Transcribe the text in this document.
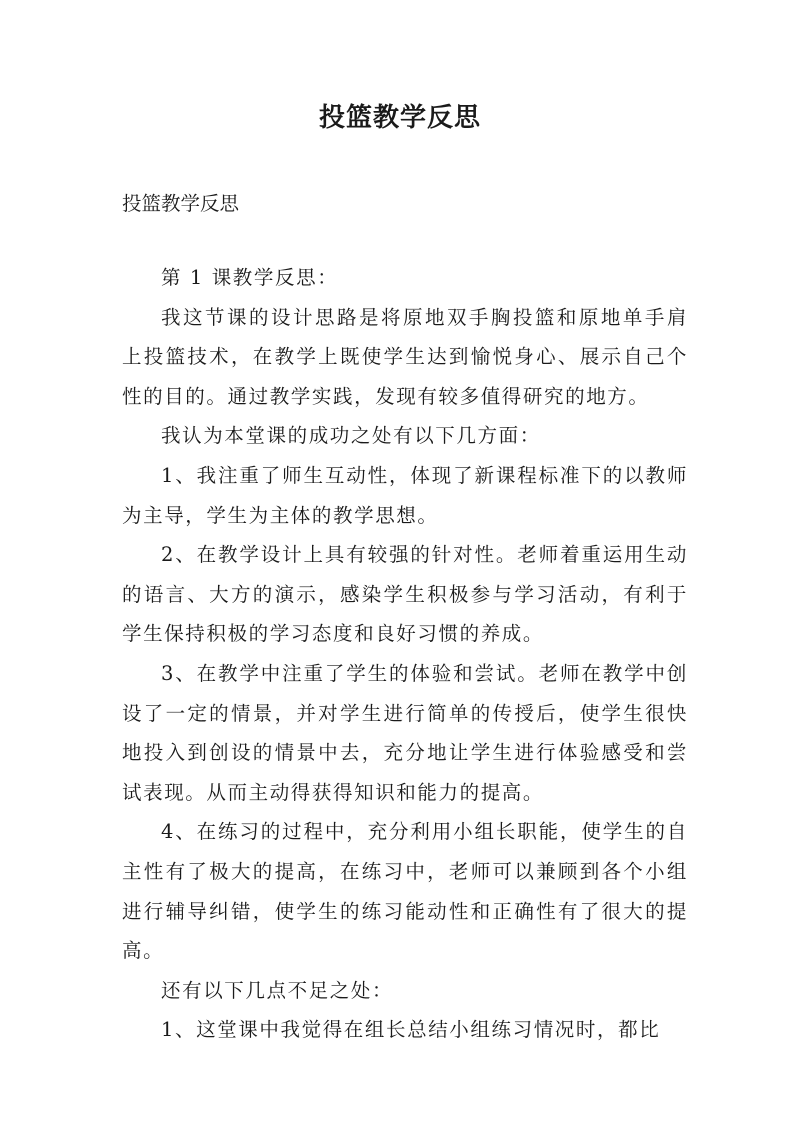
投篮教学反思

投篮教学反思

第 1 课教学反思：

我这节课的设计思路是将原地双手胸投篮和原地单手肩上投篮技术，在教学上既使学生达到愉悦身心、展示自己个性的目的。通过教学实践，发现有较多值得研究的地方。

我认为本堂课的成功之处有以下几方面：

1、我注重了师生互动性，体现了新课程标准下的以教师为主导，学生为主体的教学思想。

2、在教学设计上具有较强的针对性。老师着重运用生动的语言、大方的演示，感染学生积极参与学习活动，有利于学生保持积极的学习态度和良好习惯的养成。

3、在教学中注重了学生的体验和尝试。老师在教学中创设了一定的情景，并对学生进行简单的传授后，使学生很快地投入到创设的情景中去，充分地让学生进行体验感受和尝试表现。从而主动得获得知识和能力的提高。

4、在练习的过程中，充分利用小组长职能，使学生的自主性有了极大的提高，在练习中，老师可以兼顾到各个小组进行辅导纠错，使学生的练习能动性和正确性有了很大的提高。

还有以下几点不足之处：

1、这堂课中我觉得在组长总结小组练习情况时，都比
